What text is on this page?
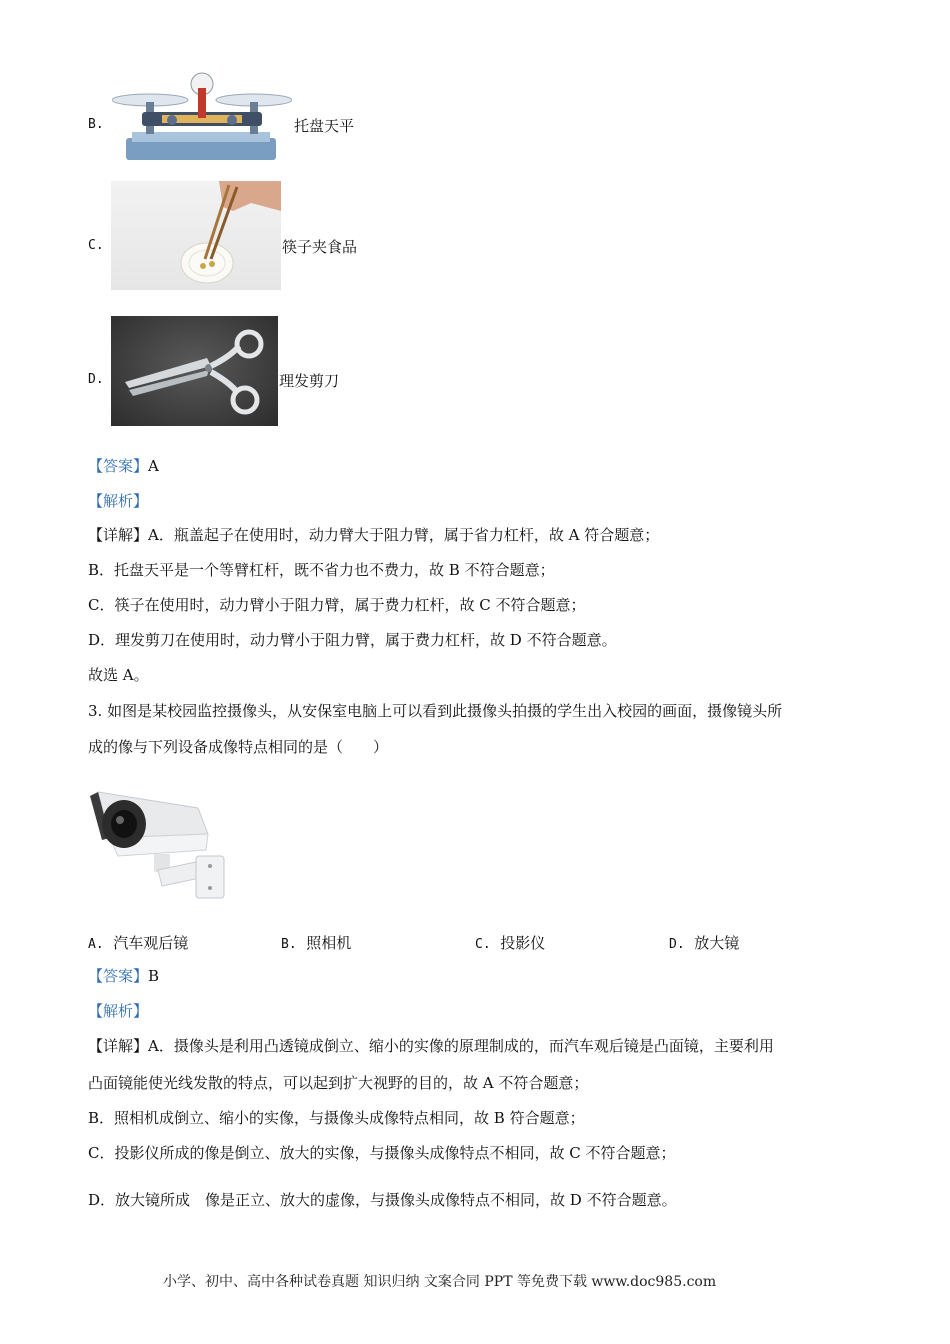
B.	托盘天平
C.	筷子夹食品
D.	理发剪刀
【答案】A
【解析】
【详解】A．瓶盖起子在使用时，动力臂大于阻力臂，属于省力杠杆，故 A 符合题意；
B．托盘天平是一个等臂杠杆，既不省力也不费力，故 B 不符合题意；
C．筷子在使用时，动力臂小于阻力臂，属于费力杠杆，故 C 不符合题意；
D．理发剪刀在使用时，动力臂小于阻力臂，属于费力杠杆，故 D 不符合题意。
故选 A。
3. 如图是某校园监控摄像头，从安保室电脑上可以看到此摄像头拍摄的学生出入校园的画面，摄像镜头所
成的像与下列设备成像特点相同的是（　　）
A. 汽车观后镜	B. 照相机	C. 投影仪	D. 放大镜
【答案】B
【解析】
【详解】A．摄像头是利用凸透镜成倒立、缩小的实像的原理制成的，而汽车观后镜是凸面镜，主要利用
凸面镜能使光线发散的特点，可以起到扩大视野的目的，故 A 不符合题意；
B．照相机成倒立、缩小的实像，与摄像头成像特点相同，故 B 符合题意；
C．投影仪所成的像是倒立、放大的实像，与摄像头成像特点不相同，故 C 不符合题意；
D．放大镜所成　像是正立、放大的虚像，与摄像头成像特点不相同，故 D 不符合题意。
小学、初中、高中各种试卷真题 知识归纳 文案合同 PPT 等免费下载 www.doc985.com
